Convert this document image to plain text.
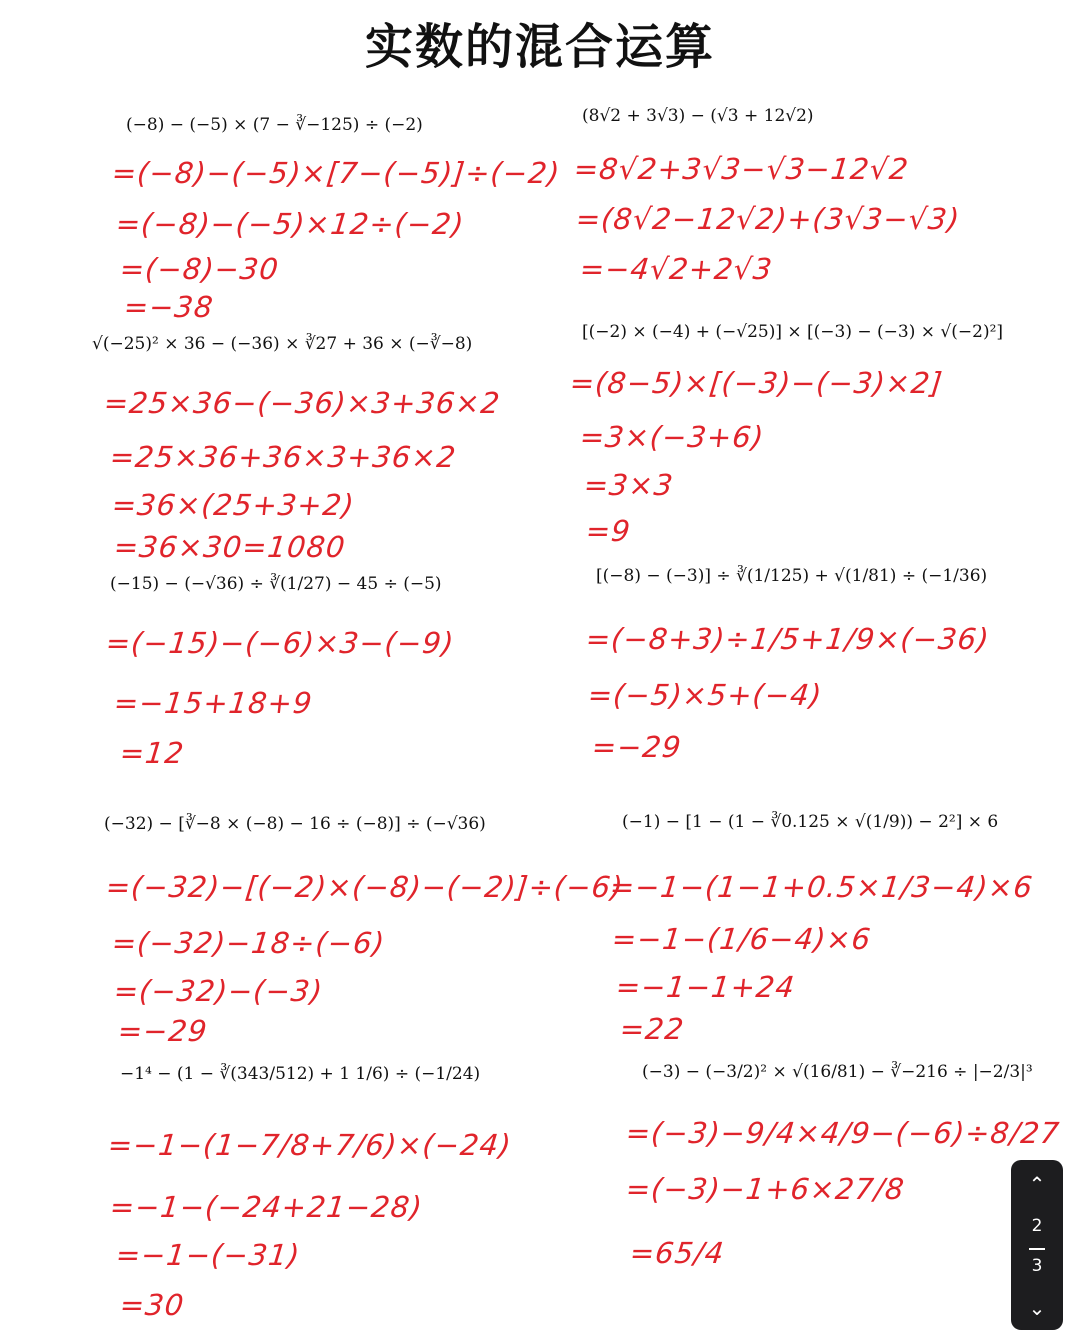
实数的混合运算
(−8) − (−5) × (7 − ∛−125) ÷ (−2)
=(−8)−(−5)×[7−(−5)]÷(−2)
=(−8)−(−5)×12÷(−2)
=(−8)−30
=−38
(8√2 + 3√3) − (√3 + 12√2)
=8√2+3√3−√3−12√2
=(8√2−12√2)+(3√3−√3)
=−4√2+2√3
√(−25)² × 36 − (−36) × ∛27 + 36 × (−∛−8)
=25×36−(−36)×3+36×2
=25×36+36×3+36×2
=36×(25+3+2)
=36×30=1080
[(−2) × (−4) + (−√25)] × [(−3) − (−3) × √(−2)²]
=(8−5)×[(−3)−(−3)×2]
=3×(−3+6)
=3×3
=9
(−15) − (−√36) ÷ ∛(1/27) − 45 ÷ (−5)
=(−15)−(−6)×3−(−9)
=−15+18+9
=12
[(−8) − (−3)] ÷ ∛(1/125) + √(1/81) ÷ (−1/36)
=(−8+3)÷1/5+1/9×(−36)
=(−5)×5+(−4)
=−29
(−32) − [∛−8 × (−8) − 16 ÷ (−8)] ÷ (−√36)
=(−32)−[(−2)×(−8)−(−2)]÷(−6)
=(−32)−18÷(−6)
=(−32)−(−3)
=−29
(−1) − [1 − (1 − ∛0.125 × √(1/9)) − 2²] × 6
=−1−(1−1+0.5×1/3−4)×6
=−1−(1/6−4)×6
=−1−1+24
=22
−1⁴ − (1 − ∛(343/512) + 1 1/6) ÷ (−1/24)
=−1−(1−7/8+7/6)×(−24)
=−1−(−24+21−28)
=−1−(−31)
=30
(−3) − (−3/2)² × √(16/81) − ∛−216 ÷ |−2/3|³
=(−3)−9/4×4/9−(−6)÷8/27
=(−3)−1+6×27/8
=65/4
⌃
2
3
⌄
